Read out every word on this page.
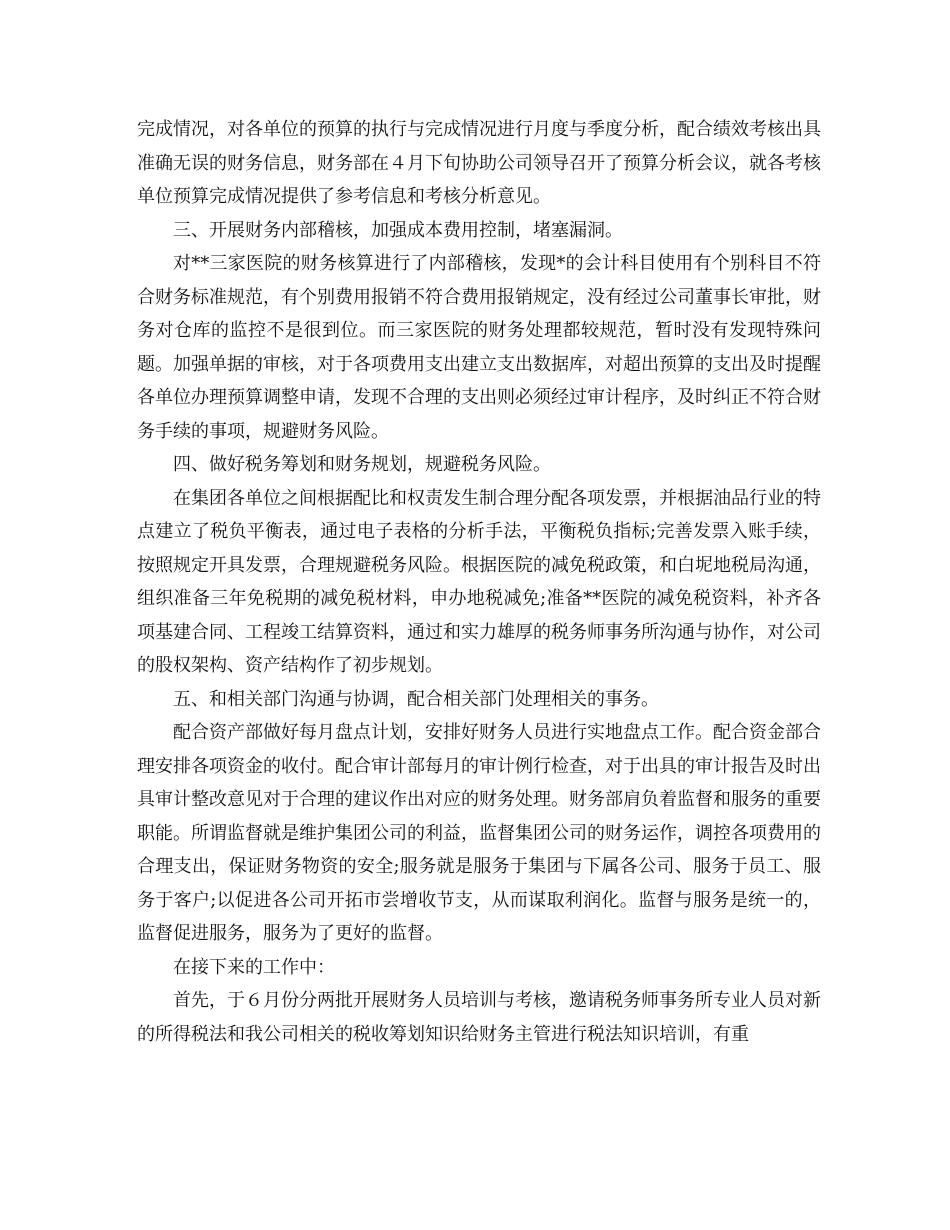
完成情况，对各单位的预算的执行与完成情况进行月度与季度分析，配合绩效考核出具准确无误的财务信息，财务部在４月下旬协助公司领导召开了预算分析会议，就各考核单位预算完成情况提供了参考信息和考核分析意见。

三、开展财务内部稽核，加强成本费用控制，堵塞漏洞。

对**三家医院的财务核算进行了内部稽核，发现*的会计科目使用有个别科目不符合财务标准规范，有个别费用报销不符合费用报销规定，没有经过公司董事长审批，财务对仓库的监控不是很到位。而三家医院的财务处理都较规范，暂时没有发现特殊问题。加强单据的审核，对于各项费用支出建立支出数据库，对超出预算的支出及时提醒各单位办理预算调整申请，发现不合理的支出则必须经过审计程序，及时纠正不符合财务手续的事项，规避财务风险。

四、做好税务筹划和财务规划，规避税务风险。

在集团各单位之间根据配比和权责发生制合理分配各项发票，并根据油品行业的特点建立了税负平衡表，通过电子表格的分析手法，平衡税负指标;完善发票入账手续，按照规定开具发票，合理规避税务风险。根据医院的减免税政策，和白坭地税局沟通，组织准备三年免税期的减免税材料，申办地税减免;准备**医院的减免税资料，补齐各项基建合同、工程竣工结算资料，通过和实力雄厚的税务师事务所沟通与协作，对公司的股权架构、资产结构作了初步规划。

五、和相关部门沟通与协调，配合相关部门处理相关的事务。

配合资产部做好每月盘点计划，安排好财务人员进行实地盘点工作。配合资金部合理安排各项资金的收付。配合审计部每月的审计例行检查，对于出具的审计报告及时出具审计整改意见对于合理的建议作出对应的财务处理。财务部肩负着监督和服务的重要职能。所谓监督就是维护集团公司的利益，监督集团公司的财务运作，调控各项费用的合理支出，保证财务物资的安全;服务就是服务于集团与下属各公司、服务于员工、服务于客户;以促进各公司开拓市尝增收节支，从而谋取利润化。监督与服务是统一的，监督促进服务，服务为了更好的监督。

在接下来的工作中：

首先，于６月份分两批开展财务人员培训与考核，邀请税务师事务所专业人员对新的所得税法和我公司相关的税收筹划知识给财务主管进行税法知识培训，有重
